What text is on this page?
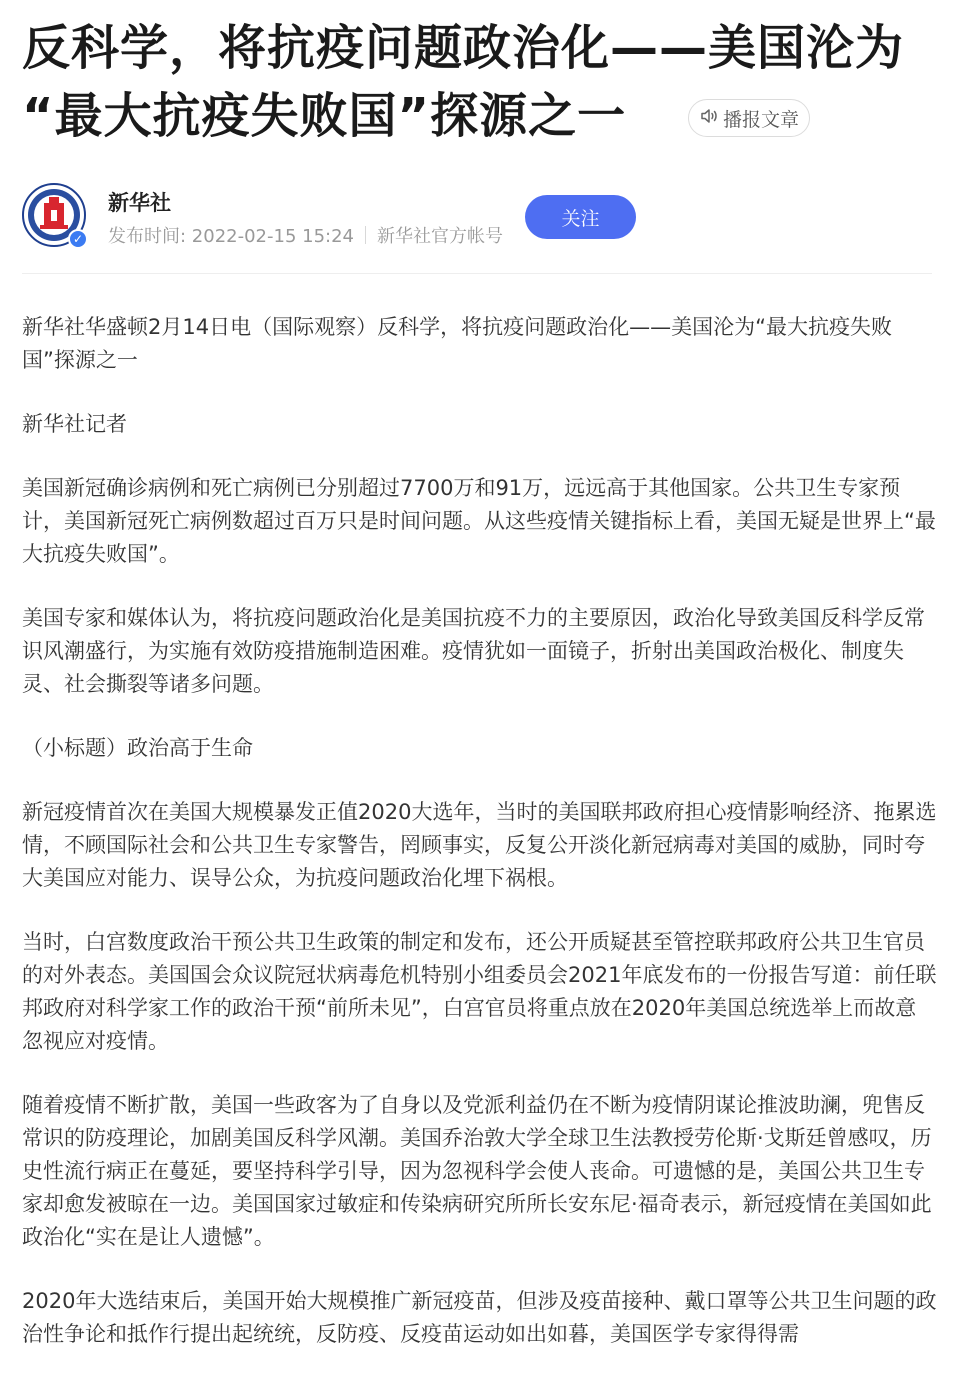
反科学，将抗疫问题政治化——美国沦为
“最大抗疫失败国”探源之一	播报文章
✓
新华社
发布时间: 2022-02-15 15:24 新华社官方帐号
关注

新华社华盛顿2月14日电（国际观察）反科学，将抗疫问题政治化——美国沦为“最大抗疫失败国”探源之一

新华社记者

美国新冠确诊病例和死亡病例已分别超过7700万和91万，远远高于其他国家。公共卫生专家预计，美国新冠死亡病例数超过百万只是时间问题。从这些疫情关键指标上看，美国无疑是世界上“最大抗疫失败国”。

美国专家和媒体认为，将抗疫问题政治化是美国抗疫不力的主要原因，政治化导致美国反科学反常识风潮盛行，为实施有效防疫措施制造困难。疫情犹如一面镜子，折射出美国政治极化、制度失灵、社会撕裂等诸多问题。

（小标题）政治高于生命

新冠疫情首次在美国大规模暴发正值2020大选年，当时的美国联邦政府担心疫情影响经济、拖累选情，不顾国际社会和公共卫生专家警告，罔顾事实，反复公开淡化新冠病毒对美国的威胁，同时夸大美国应对能力、误导公众，为抗疫问题政治化埋下祸根。

当时，白宫数度政治干预公共卫生政策的制定和发布，还公开质疑甚至管控联邦政府公共卫生官员的对外表态。美国国会众议院冠状病毒危机特别小组委员会2021年底发布的一份报告写道：前任联邦政府对科学家工作的政治干预“前所未见”，白宫官员将重点放在2020年美国总统选举上而故意忽视应对疫情。

随着疫情不断扩散，美国一些政客为了自身以及党派利益仍在不断为疫情阴谋论推波助澜，兜售反常识的防疫理论，加剧美国反科学风潮。美国乔治敦大学全球卫生法教授劳伦斯·戈斯廷曾感叹，历史性流行病正在蔓延，要坚持科学引导，因为忽视科学会使人丧命。可遗憾的是，美国公共卫生专家却愈发被晾在一边。美国国家过敏症和传染病研究所所长安东尼·福奇表示，新冠疫情在美国如此政治化“实在是让人遗憾”。

2020年大选结束后，美国开始大规模推广新冠疫苗，但涉及疫苗接种、戴口罩等公共卫生问题的政治性争论和抵作行提出起统统，反防疫、反疫苗运动如出如暮，美国医学专家得得需
